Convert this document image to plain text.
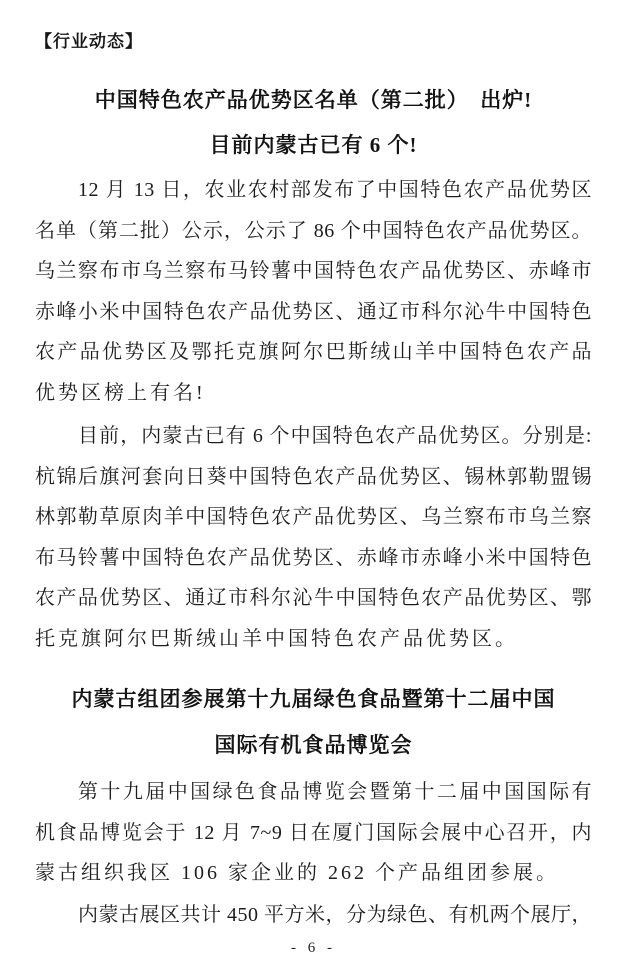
【行业动态】
中国特色农产品优势区名单（第二批）　出炉!
目前内蒙古已有 6 个!
12 月 13 日，农业农村部发布了中国特色农产品优势区
名单（第二批）公示，公示了 86 个中国特色农产品优势区。
乌兰察布市乌兰察布马铃薯中国特色农产品优势区、赤峰市
赤峰小米中国特色农产品优势区、通辽市科尔沁牛中国特色
农产品优势区及鄂托克旗阿尔巴斯绒山羊中国特色农产品
优势区榜上有名!
目前，内蒙古已有 6 个中国特色农产品优势区。分别是:
杭锦后旗河套向日葵中国特色农产品优势区、锡林郭勒盟锡
林郭勒草原肉羊中国特色农产品优势区、乌兰察布市乌兰察
布马铃薯中国特色农产品优势区、赤峰市赤峰小米中国特色
农产品优势区、通辽市科尔沁牛中国特色农产品优势区、鄂
托克旗阿尔巴斯绒山羊中国特色农产品优势区。
内蒙古组团参展第十九届绿色食品暨第十二届中国
国际有机食品博览会
第十九届中国绿色食品博览会暨第十二届中国国际有
机食品博览会于 12 月 7~9 日在厦门国际会展中心召开，内
蒙古组织我区 106 家企业的 262 个产品组团参展。
内蒙古展区共计 450 平方米，分为绿色、有机两个展厅，
- 6 -
